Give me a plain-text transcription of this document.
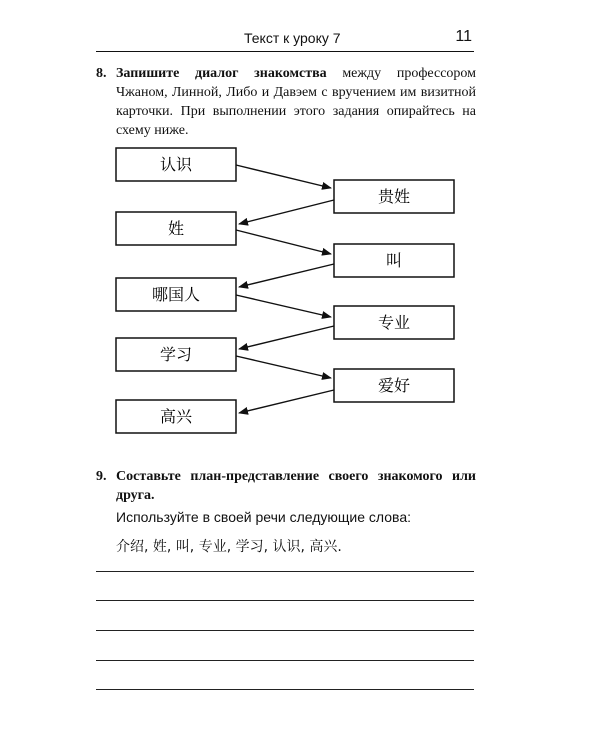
Текст к уроку 7	11
8. Запишите диалог знакомства между профессором Чжаном, Линной, Либо и Давэем с вручением им визитной карточки. При выполнении этого задания опирайтесь на схему ниже.
认识
姓
哪国人
学习
高兴
贵姓
叫
专业
爱好
9. Составьте план-представление своего знакомого или друга.
Используйте в своей речи следующие слова:
介绍, 姓, 叫, 专业, 学习, 认识, 高兴.
